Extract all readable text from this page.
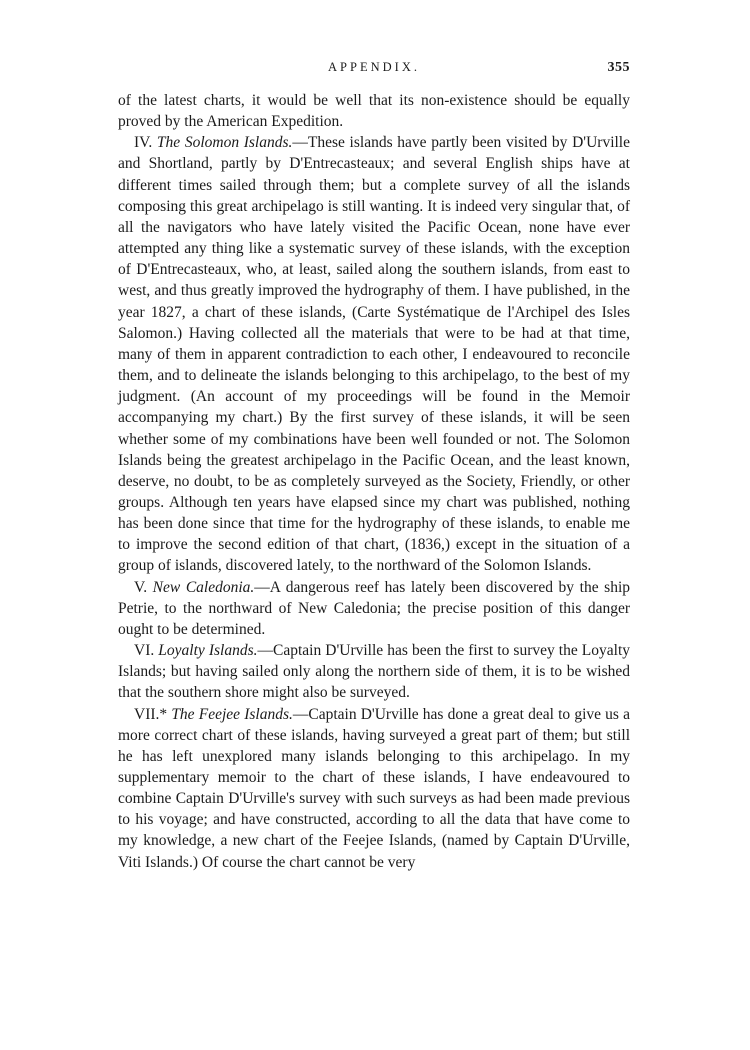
APPENDIX.	355

of the latest charts, it would be well that its non-existence should be equally proved by the American Expedition.

IV. The Solomon Islands.—These islands have partly been visited by D'Urville and Shortland, partly by D'Entrecasteaux; and several English ships have at different times sailed through them; but a complete survey of all the islands composing this great archipelago is still wanting. It is indeed very singular that, of all the navigators who have lately visited the Pacific Ocean, none have ever attempted any thing like a systematic survey of these islands, with the exception of D'Entrecasteaux, who, at least, sailed along the southern islands, from east to west, and thus greatly improved the hydrography of them. I have published, in the year 1827, a chart of these islands, (Carte Systématique de l'Archipel des Isles Salomon.) Having collected all the materials that were to be had at that time, many of them in apparent contradiction to each other, I endeavoured to reconcile them, and to delineate the islands belonging to this archipelago, to the best of my judgment. (An account of my proceedings will be found in the Memoir accompanying my chart.) By the first survey of these islands, it will be seen whether some of my combinations have been well founded or not. The Solomon Islands being the greatest archipelago in the Pacific Ocean, and the least known, deserve, no doubt, to be as completely surveyed as the Society, Friendly, or other groups. Although ten years have elapsed since my chart was published, nothing has been done since that time for the hydrography of these islands, to enable me to improve the second edition of that chart, (1836,) except in the situation of a group of islands, discovered lately, to the northward of the Solomon Islands.

V. New Caledonia.—A dangerous reef has lately been discovered by the ship Petrie, to the northward of New Caledonia; the precise position of this danger ought to be determined.

VI. Loyalty Islands.—Captain D'Urville has been the first to survey the Loyalty Islands; but having sailed only along the northern side of them, it is to be wished that the southern shore might also be surveyed.

VII.* The Feejee Islands.—Captain D'Urville has done a great deal to give us a more correct chart of these islands, having surveyed a great part of them; but still he has left unexplored many islands belonging to this archipelago. In my supplementary memoir to the chart of these islands, I have endeavoured to combine Captain D'Urville's survey with such surveys as had been made previous to his voyage; and have constructed, according to all the data that have come to my knowledge, a new chart of the Feejee Islands, (named by Captain D'Urville, Viti Islands.) Of course the chart cannot be very
